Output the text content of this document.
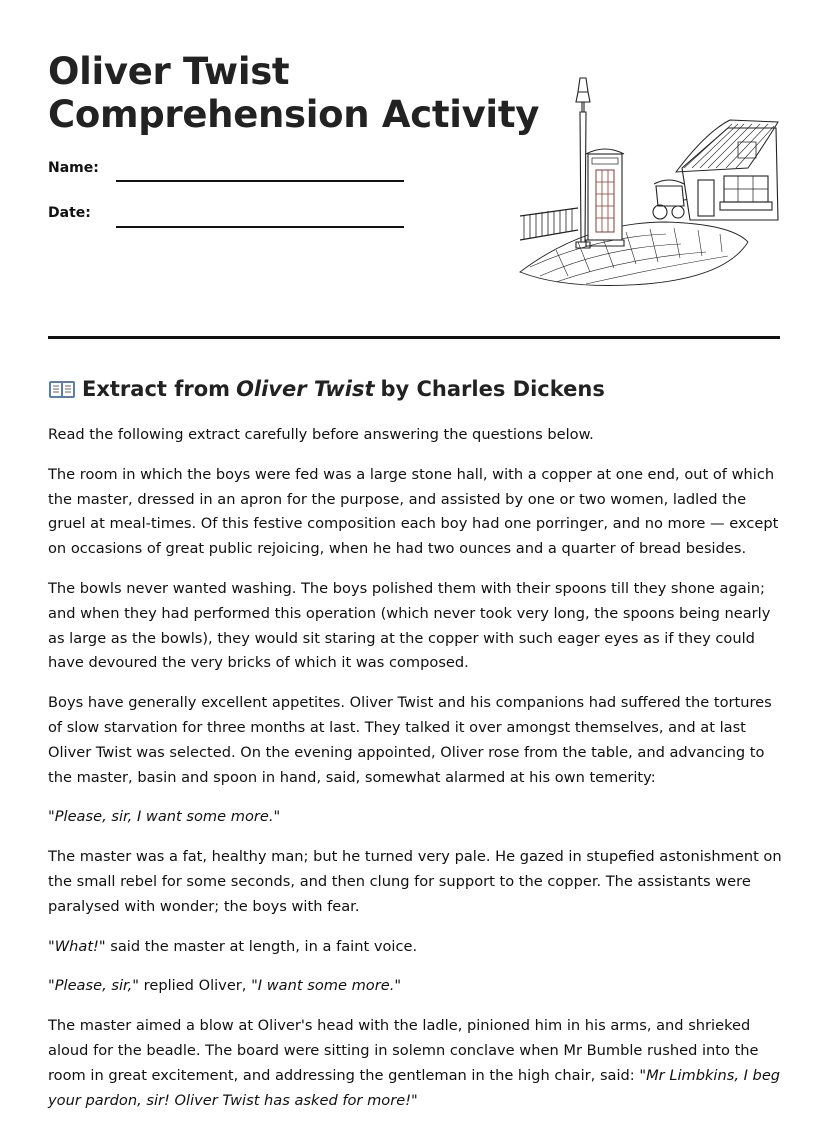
Oliver Twist
Comprehension Activity
Name:
Date:
Extract from Oliver Twist by Charles Dickens

Read the following extract carefully before answering the questions below.

The room in which the boys were fed was a large stone hall, with a copper at one end, out of which the master, dressed in an apron for the purpose, and assisted by one or two women, ladled the gruel at meal-times. Of this festive composition each boy had one porringer, and no more — except on occasions of great public rejoicing, when he had two ounces and a quarter of bread besides.

The bowls never wanted washing. The boys polished them with their spoons till they shone again; and when they had performed this operation (which never took very long, the spoons being nearly as large as the bowls), they would sit staring at the copper with such eager eyes as if they could have devoured the very bricks of which it was composed.

Boys have generally excellent appetites. Oliver Twist and his companions had suffered the tortures of slow starvation for three months at last. They talked it over amongst themselves, and at last Oliver Twist was selected. On the evening appointed, Oliver rose from the table, and advancing to the master, basin and spoon in hand, said, somewhat alarmed at his own temerity:

"Please, sir, I want some more."

The master was a fat, healthy man; but he turned very pale. He gazed in stupefied astonishment on the small rebel for some seconds, and then clung for support to the copper. The assistants were paralysed with wonder; the boys with fear.

"What!" said the master at length, in a faint voice.

"Please, sir," replied Oliver, "I want some more."

The master aimed a blow at Oliver's head with the ladle, pinioned him in his arms, and shrieked aloud for the beadle. The board were sitting in solemn conclave when Mr Bumble rushed into the room in great excitement, and addressing the gentleman in the high chair, said: "Mr Limbkins, I beg your pardon, sir! Oliver Twist has asked for more!"
